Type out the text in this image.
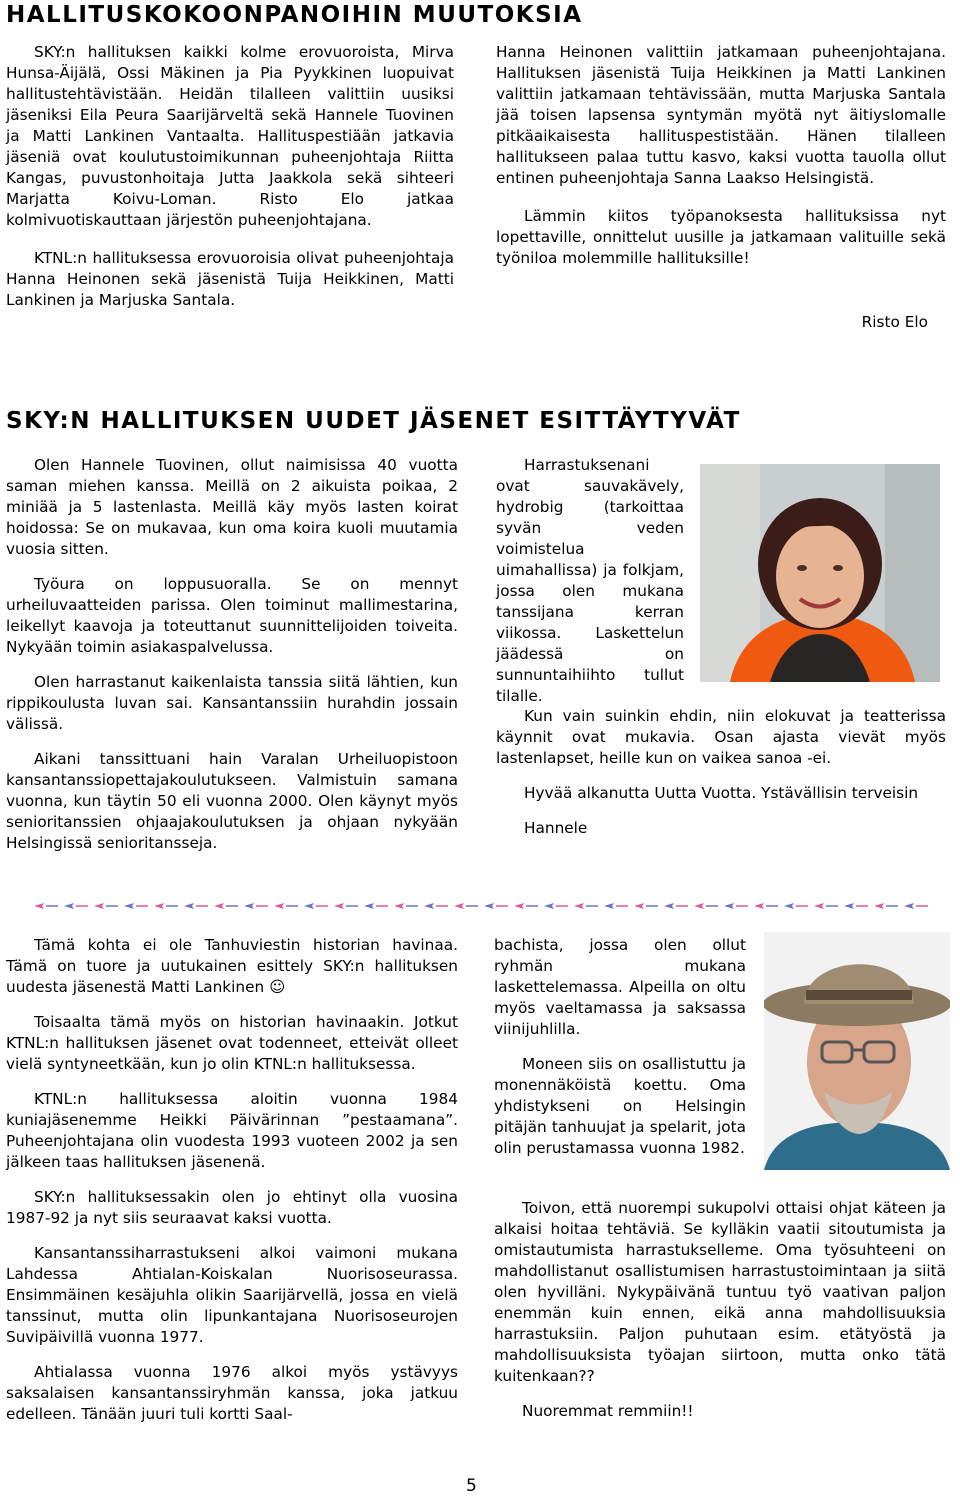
HALLITUSKOKOONPANOIHIN MUUTOKSIA

SKY:n hallituksen kaikki kolme erovuoroista, Mirva Hunsa-Äijälä, Ossi Mäkinen ja Pia Pyykkinen luopuivat hallitustehtävistään. Heidän tilalleen valittiin uusiksi jäseniksi Eila Peura Saarijärveltä sekä Hannele Tuovinen ja Matti Lankinen Vantaalta. Hallituspestiään jatkavia jäseniä ovat koulutustoimikunnan puheenjohtaja Riitta Kangas, puvustonhoitaja Jutta Jaakkola sekä sihteeri Marjatta Koivu-Loman. Risto Elo jatkaa kolmivuotiskauttaan järjestön puheenjohtajana.

KTNL:n hallituksessa erovuoroisia olivat puheenjohtaja Hanna Heinonen sekä jäsenistä Tuija Heikkinen, Matti Lankinen ja Marjuska Santala.

Hanna Heinonen valittiin jatkamaan puheenjohtajana. Hallituksen jäsenistä Tuija Heikkinen ja Matti Lankinen valittiin jatkamaan tehtävissään, mutta Marjuska Santala jää toisen lapsensa syntymän myötä nyt äitiyslomalle pitkäaikaisesta hallituspestistään. Hänen tilalleen hallitukseen palaa tuttu kasvo, kaksi vuotta tauolla ollut entinen puheenjohtaja Sanna Laakso Helsingistä.

Lämmin kiitos työpanoksesta hallituksissa nyt lopettaville, onnittelut uusille ja jatkamaan valituille sekä työniloa molemmille hallituksille!

Risto Elo
SKY:N HALLITUKSEN UUDET JÄSENET ESITTÄYTYVÄT

Olen Hannele Tuovinen, ollut naimisissa 40 vuotta saman miehen kanssa. Meillä on 2 aikuista poikaa, 2 miniää ja 5 lastenlasta. Meillä käy myös lasten koirat hoidossa: Se on mukavaa, kun oma koira kuoli muutamia vuosia sitten.

Työura on loppusuoralla. Se on mennyt urheiluvaatteiden parissa. Olen toiminut mallimestarina, leikellyt kaavoja ja toteuttanut suunnittelijoiden toiveita. Nykyään toimin asiakaspalvelussa.

Olen harrastanut kaikenlaista tanssia siitä lähtien, kun rippikoulusta luvan sai. Kansantanssiin hurahdin jossain välissä.

Aikani tanssittuani hain Varalan Urheiluopistoon kansantanssiopettajakoulutukseen. Valmistuin samana vuonna, kun täytin 50 eli vuonna 2000. Olen käynyt myös senioritanssien ohjaajakoulutuksen ja ohjaan nykyään Helsingissä senioritansseja.

Harrastuksenani ovat sauvakävely, hydrobig (tarkoittaa syvän veden voimistelua uimahallissa) ja folkjam, jossa olen mukana tanssijana kerran viikossa. Laskettelun jäädessä on sunnuntaihiihto tullut tilalle.

Kun vain suinkin ehdin, niin elokuvat ja teatterissa käynnit ovat mukavia. Osan ajasta vievät myös lastenlapset, heille kun on vaikea sanoa -ei.

Hyvää alkanutta Uutta Vuotta. Ystävällisin terveisin

Hannele

Tämä kohta ei ole Tanhuviestin historian havinaa. Tämä on tuore ja uutukainen esittely SKY:n hallituksen uudesta jäsenestä Matti Lankinen ☺

Toisaalta tämä myös on historian havinaakin. Jotkut KTNL:n hallituksen jäsenet ovat todenneet, etteivät olleet vielä syntyneetkään, kun jo olin KTNL:n hallituksessa.

KTNL:n hallituksessa aloitin vuonna 1984 kuniajäsenemme Heikki Päivärinnan ”pestaamana”. Puheenjohtajana olin vuodesta 1993 vuoteen 2002 ja sen jälkeen taas hallituksen jäsenenä.

SKY:n hallituksessakin olen jo ehtinyt olla vuosina 1987-92 ja nyt siis seuraavat kaksi vuotta.

Kansantanssiharrastukseni alkoi vaimoni mukana Lahdessa Ahtialan-Koiskalan Nuorisoseurassa. Ensimmäinen kesäjuhla olikin Saarijärvellä, jossa en vielä tanssinut, mutta olin lipunkantajana Nuorisoseurojen Suvipäivillä vuonna 1977.

Ahtialassa vuonna 1976 alkoi myös ystävyys saksalaisen kansantanssiryhmän kanssa, joka jatkuu edelleen. Tänään juuri tuli kortti Saal-

bachista, jossa olen ollut ryhmän mukana laskettelemassa. Alpeilla on oltu myös vaeltamassa ja saksassa viinijuhlilla.

Moneen siis on osallistuttu ja monennäköistä koettu. Oma yhdistykseni on Helsingin pitäjän tanhuujat ja spelarit, jota olin perustamassa vuonna 1982.

Toivon, että nuorempi sukupolvi ottaisi ohjat käteen ja alkaisi hoitaa tehtäviä. Se kylläkin vaatii sitoutumista ja omistautumista harrastukselleme. Oma työsuhteeni on mahdollistanut osallistumisen harrastustoimintaan ja siitä olen hyvilläni. Nykypäivänä tuntuu työ vaativan paljon enemmän kuin ennen, eikä anna mahdollisuuksia harrastuksiin. Paljon puhutaan esim. etätyöstä ja mahdollisuuksista työajan siirtoon, mutta onko tätä kuitenkaan??

Nuoremmat remmiin!!

5
